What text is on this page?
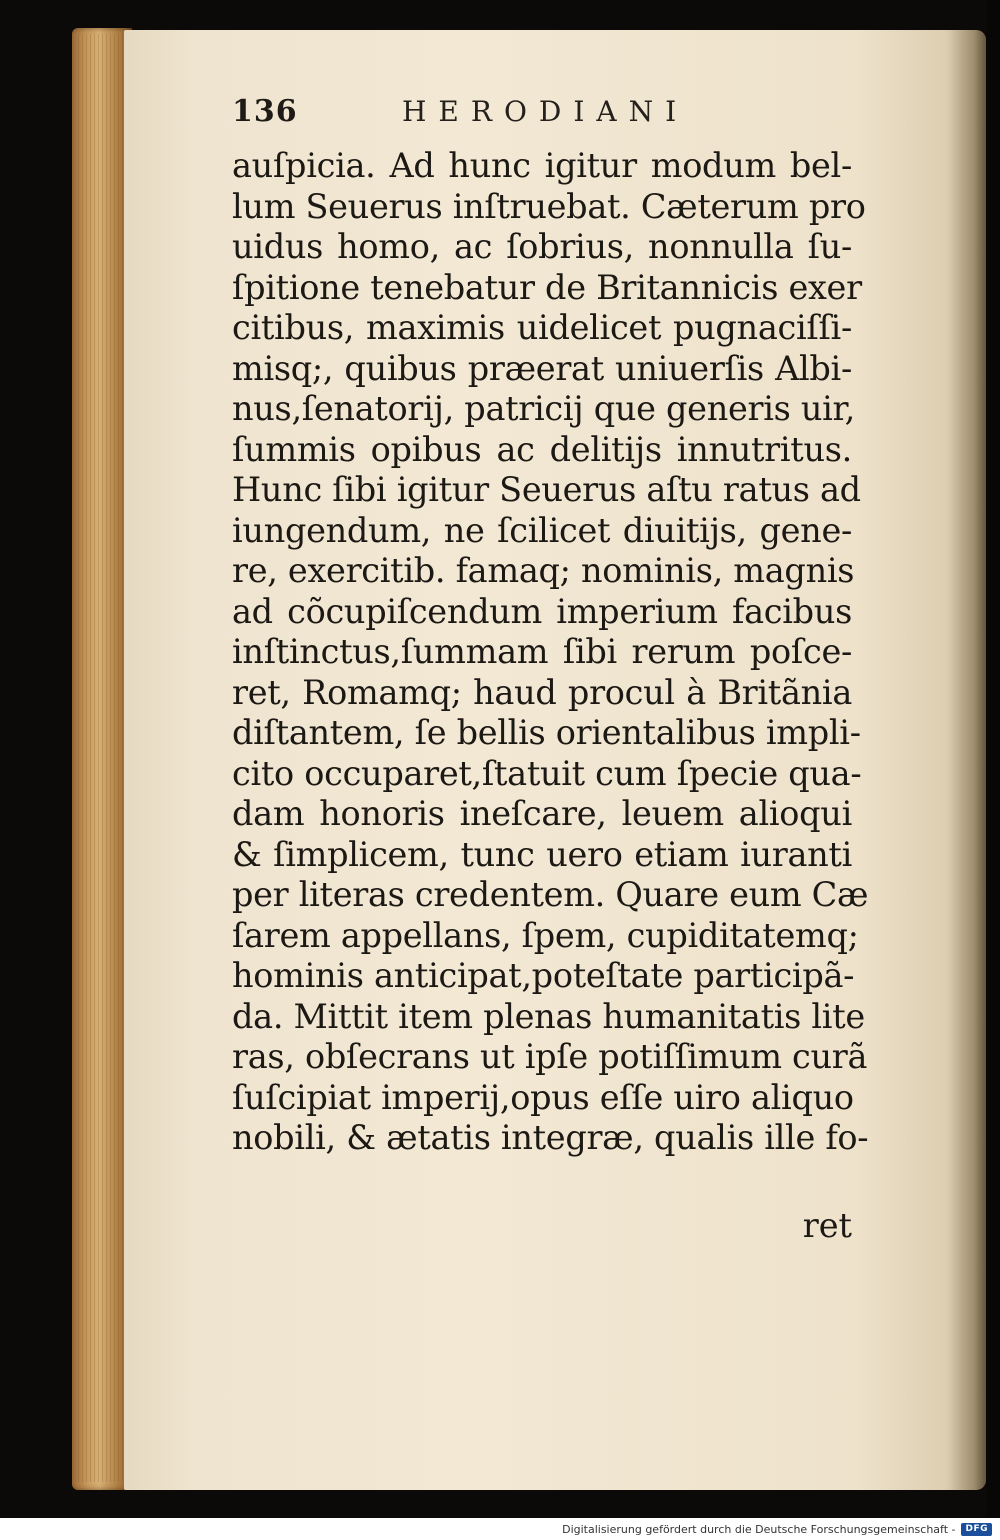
136	HERODIANI
auſpicia. Ad hunc igitur modum bel-
lum Seuerus inſtruebat. Cæterum pro
uidus homo, ac ſobrius, nonnulla ſu-
ſpitione tenebatur de Britannicis exer
citibus, maximis uidelicet pugnaciſſi-
misq;, quibus præerat uniuerſis Albi-
nus,ſenatorij, patricij que generis uir,
ſummis opibus ac delitijs innutritus.
Hunc ſibi igitur Seuerus aſtu ratus ad
iungendum, ne ſcilicet diuitijs, gene-
re, exercitib. famaq; nominis, magnis
ad cõcupiſcendum imperium facibus
inſtinctus,ſummam ſibi rerum poſce-
ret, Romamq; haud procul à Britãnia
diſtantem, ſe bellis orientalibus impli-
cito occuparet,ſtatuit cum ſpecie qua-
dam honoris ineſcare, leuem alioqui
& ſimplicem, tunc uero etiam iuranti
per literas credentem. Quare eum Cæ
ſarem appellans, ſpem, cupiditatemq;
hominis anticipat,poteſtate participã-
da. Mittit item plenas humanitatis lite
ras, obſecrans ut ipſe potiſſimum curã
ſuſcipiat imperij,opus eſſe uiro aliquo
nobili, & ætatis integræ, qualis ille fo-
ret
Digitalisierung gefördert durch die Deutsche Forschungsgemeinschaft -	DFG
